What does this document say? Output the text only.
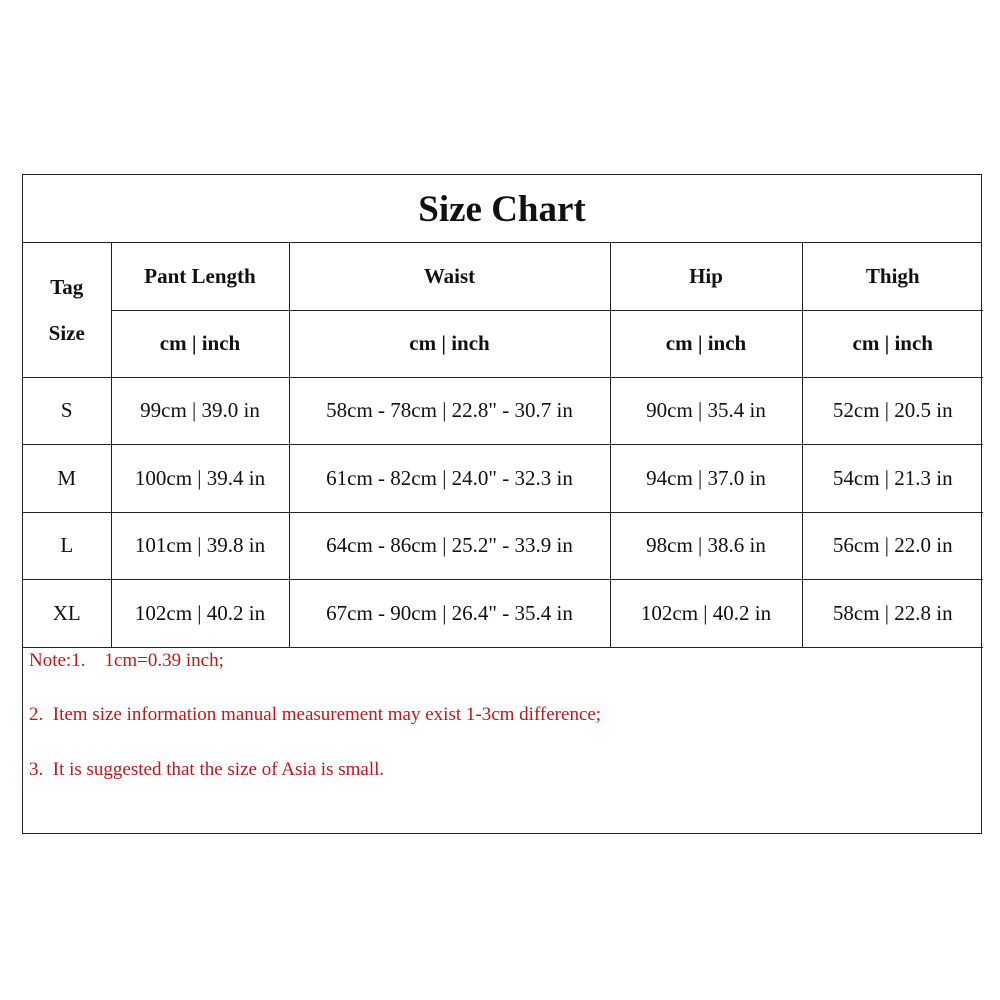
Size Chart
Tag
Size	Pant Length	Waist	Hip	Thigh
	cm | inch	cm | inch	cm | inch	cm | inch
S	99cm | 39.0 in	58cm - 78cm | 22.8" - 30.7 in	90cm | 35.4 in	52cm | 20.5 in
M	100cm | 39.4 in	61cm - 82cm | 24.0" - 32.3 in	94cm | 37.0 in	54cm | 21.3 in
L	101cm | 39.8 in	64cm - 86cm | 25.2" - 33.9 in	98cm | 38.6 in	56cm | 22.0 in
XL	102cm | 40.2 in	67cm - 90cm | 26.4" - 35.4 in	102cm | 40.2 in	58cm | 22.8 in
Note:1.    1cm=0.39 inch;
2.  Item size information manual measurement may exist 1-3cm difference;
3.  It is suggested that the size of Asia is small.
